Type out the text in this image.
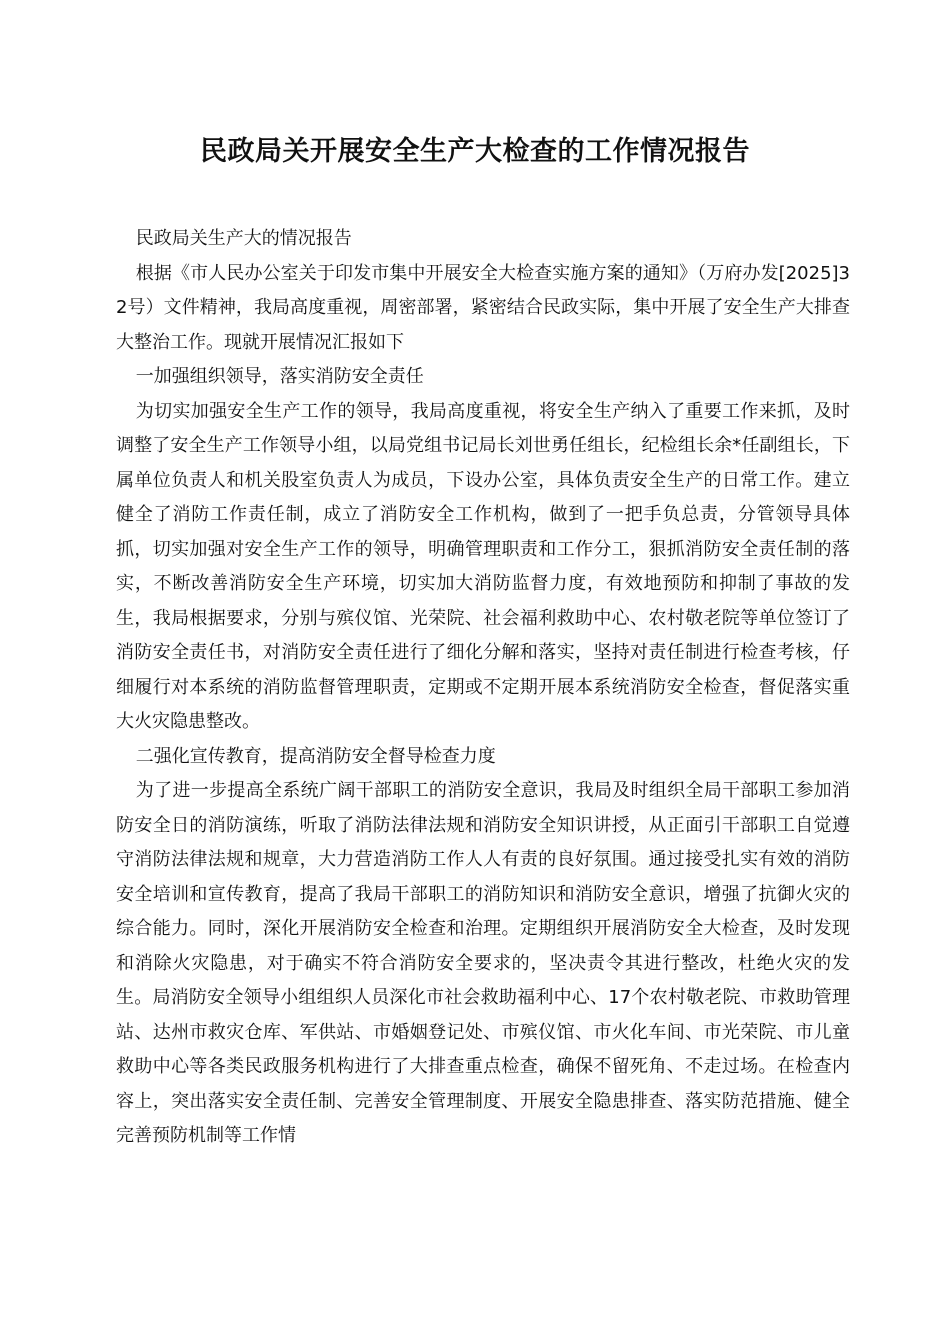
民政局关开展安全生产大检查的工作情况报告

民政局关生产大的情况报告

根据《市人民办公室关于印发市集中开展安全大检查实施方案的通知》（万府办发[2025]32号）文件精神，我局高度重视，周密部署，紧密结合民政实际，集中开展了安全生产大排查大整治工作。现就开展情况汇报如下

一加强组织领导，落实消防安全责任

为切实加强安全生产工作的领导，我局高度重视，将安全生产纳入了重要工作来抓，及时调整了安全生产工作领导小组，以局党组书记局长刘世勇任组长，纪检组长余*任副组长，下属单位负责人和机关股室负责人为成员，下设办公室，具体负责安全生产的日常工作。建立健全了消防工作责任制，成立了消防安全工作机构，做到了一把手负总责，分管领导具体抓，切实加强对安全生产工作的领导，明确管理职责和工作分工，狠抓消防安全责任制的落实，不断改善消防安全生产环境，切实加大消防监督力度，有效地预防和抑制了事故的发生，我局根据要求，分别与殡仪馆、光荣院、社会福利救助中心、农村敬老院等单位签订了消防安全责任书，对消防安全责任进行了细化分解和落实，坚持对责任制进行检查考核，仔细履行对本系统的消防监督管理职责，定期或不定期开展本系统消防安全检查，督促落实重大火灾隐患整改。

二强化宣传教育，提高消防安全督导检查力度

为了进一步提高全系统广阔干部职工的消防安全意识，我局及时组织全局干部职工参加消防安全日的消防演练，听取了消防法律法规和消防安全知识讲授，从正面引干部职工自觉遵守消防法律法规和规章，大力营造消防工作人人有责的良好氛围。通过接受扎实有效的消防安全培训和宣传教育，提高了我局干部职工的消防知识和消防安全意识，增强了抗御火灾的综合能力。同时，深化开展消防安全检查和治理。定期组织开展消防安全大检查，及时发现和消除火灾隐患，对于确实不符合消防安全要求的，坚决责令其进行整改，杜绝火灾的发生。局消防安全领导小组组织人员深化市社会救助福利中心、17个农村敬老院、市救助管理站、达州市救灾仓库、军供站、市婚姻登记处、市殡仪馆、市火化车间、市光荣院、市儿童救助中心等各类民政服务机构进行了大排查重点检查，确保不留死角、不走过场。在检查内容上，突出落实安全责任制、完善安全管理制度、开展安全隐患排查、落实防范措施、健全完善预防机制等工作情
